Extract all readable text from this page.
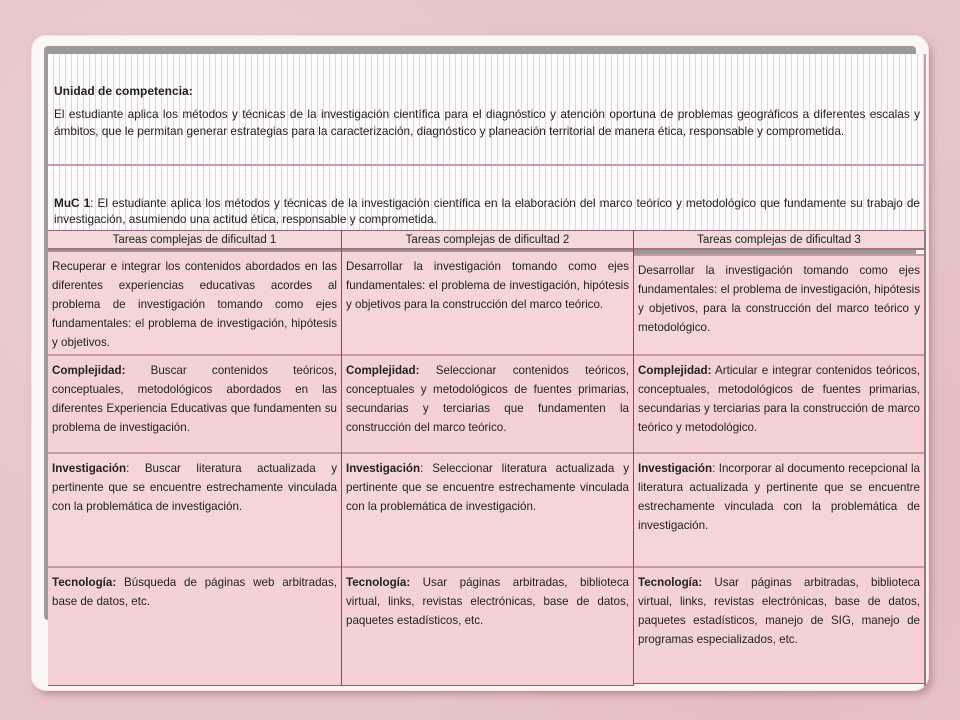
Unidad de competencia:
El estudiante aplica los métodos y técnicas de la investigación científica para el diagnóstico y atención oportuna de problemas geográficos a diferentes escalas y ámbitos, que le permitan generar estrategias para la caracterización, diagnóstico y planeación territorial de manera ética, responsable y comprometida.
MuC 1: El estudiante aplica los métodos y técnicas de la investigación científica en la elaboración del marco teórico y metodológico que fundamente su trabajo de investigación, asumiendo una actitud ética, responsable y comprometida.
Tareas complejas de dificultad 1
Recuperar e integrar los contenidos abordados en las diferentes experiencias educativas acordes al problema de investigación tomando como ejes fundamentales: el problema de investigación, hipótesis y objetivos.
Complejidad: Buscar contenidos teóricos, conceptuales, metodológicos abordados en las diferentes Experiencia Educativas que fundamenten su problema de investigación.
Investigación: Buscar literatura actualizada y pertinente que se encuentre estrechamente vinculada con la problemática de investigación.
Tecnología: Búsqueda de páginas web arbitradas, base de datos, etc.
Tareas complejas de dificultad 2
Desarrollar la investigación tomando como ejes fundamentales: el problema de investigación, hipótesis y objetivos para la construcción del marco teórico.
Complejidad: Seleccionar contenidos teóricos, conceptuales y metodológicos de fuentes primarias, secundarias y terciarias que fundamenten la construcción del marco teórico.
Investigación: Seleccionar literatura actualizada y pertinente que se encuentre estrechamente vinculada con la problemática de investigación.
Tecnología: Usar páginas arbitradas, biblioteca virtual, links, revistas electrónicas, base de datos, paquetes estadísticos, etc.
Tareas complejas de dificultad 3
Desarrollar la investigación tomando como ejes fundamentales: el problema de investigación, hipótesis y objetivos, para la construcción del marco teórico y metodológico.
Complejidad: Articular e integrar contenidos teóricos, conceptuales, metodológicos de fuentes primarias, secundarias y terciarias para la construcción de marco teórico y metodológico.
Investigación: Incorporar al documento recepcional la literatura actualizada y pertinente que se encuentre estrechamente vinculada con la problemática de investigación.
Tecnología: Usar páginas arbitradas, biblioteca virtual, links, revistas electrónicas, base de datos, paquetes estadísticos, manejo de SIG, manejo de programas especializados, etc.
